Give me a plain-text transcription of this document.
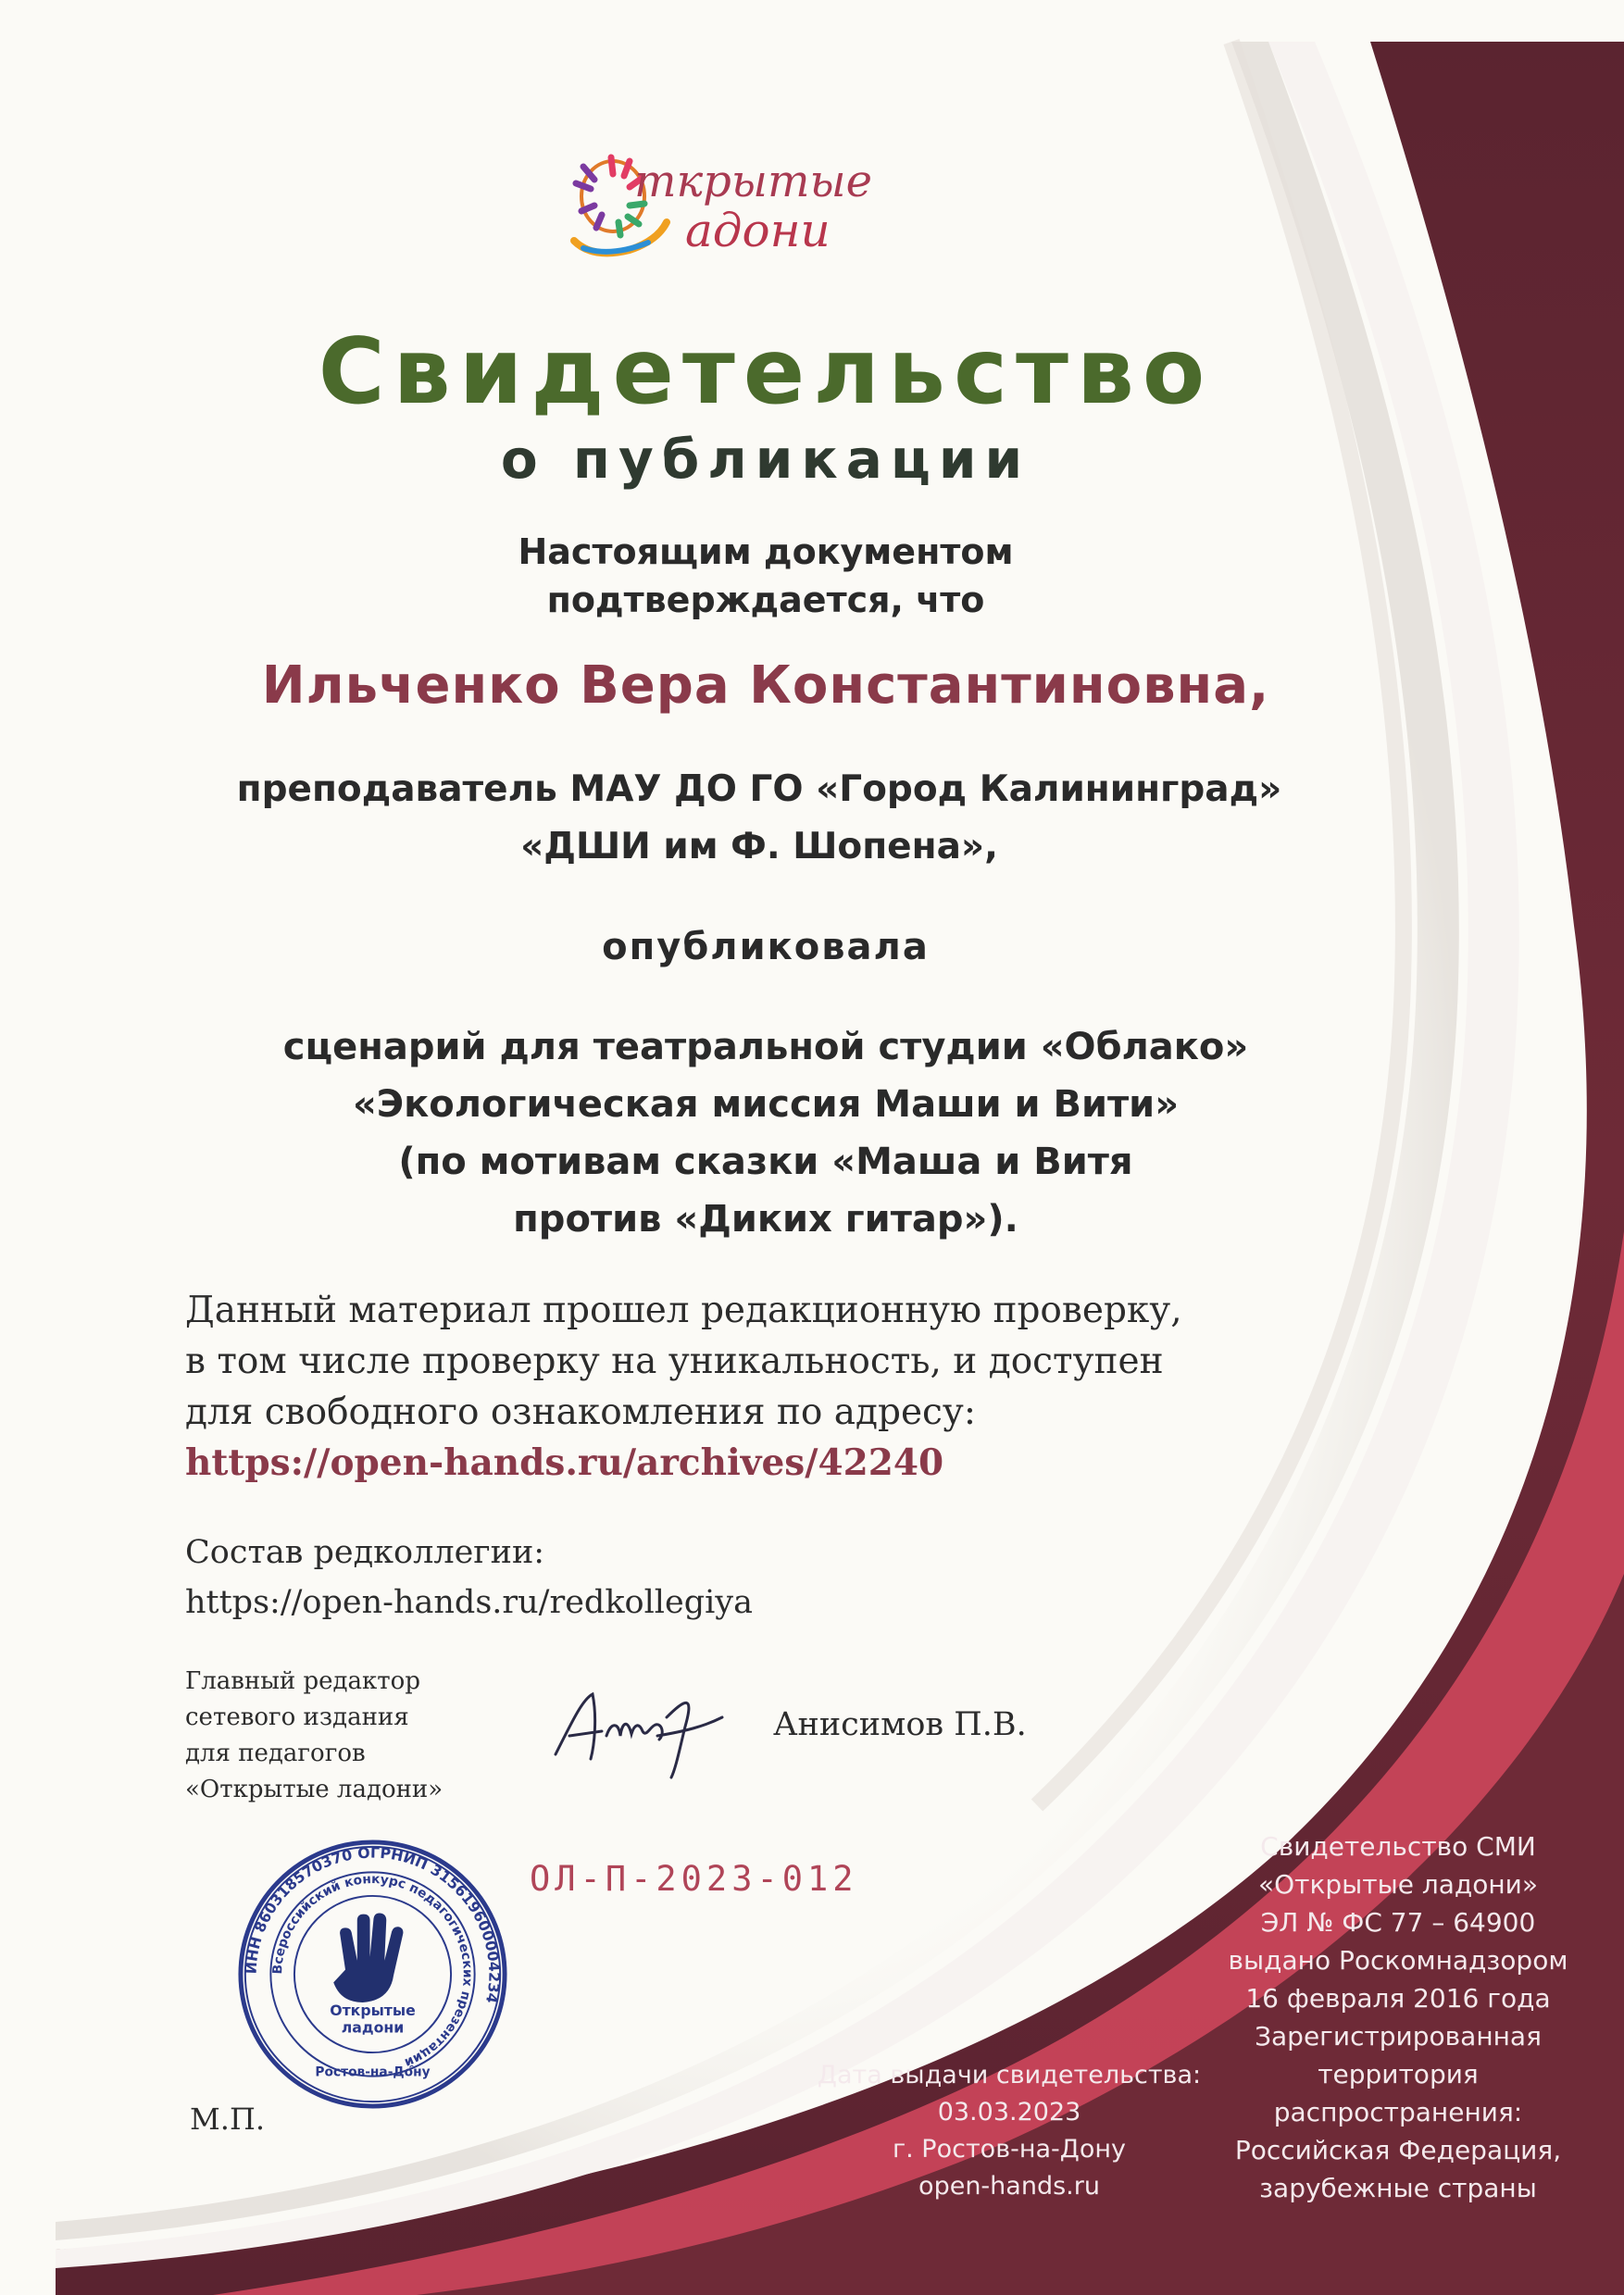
ткрытые
адони
Свидетельство
о публикации
Настоящим документом
подтверждается, что
Ильченко Вера Константиновна,
преподаватель МАУ ДО ГО «Город Калининград»
«ДШИ им Ф. Шопена»,
опубликовала
сценарий для театральной студии «Облако»
«Экологическая миссия Маши и Вити»
(по мотивам сказки «Маша и Витя
против «Диких гитар»).
Данный материал прошел редакционную проверку,
в том числе проверку на уникальность, и доступен
для свободного ознакомления по адресу:
https://open-hands.ru/archives/42240
Состав редколлегии:
https://open-hands.ru/redkollegiya
Главный редактор
сетевого издания
для педагогов
«Открытые ладони»
Анисимов П.В.
ИНН 860318570370 ОГРНИП 315619600004234
Всероссийский конкурс педагогических презентаций
Открытые
ладони
Ростов-на-Дону
М.П.
ОЛ-П-2023-012
Дата выдачи свидетельства:
03.03.2023
г. Ростов-на-Дону
open-hands.ru
Свидетельство СМИ
«Открытые ладони»
ЭЛ № ФС 77 – 64900
выдано Роскомнадзором
16 февраля 2016 года
Зарегистрированная
территория
распространения:
Российская Федерация,
зарубежные страны
